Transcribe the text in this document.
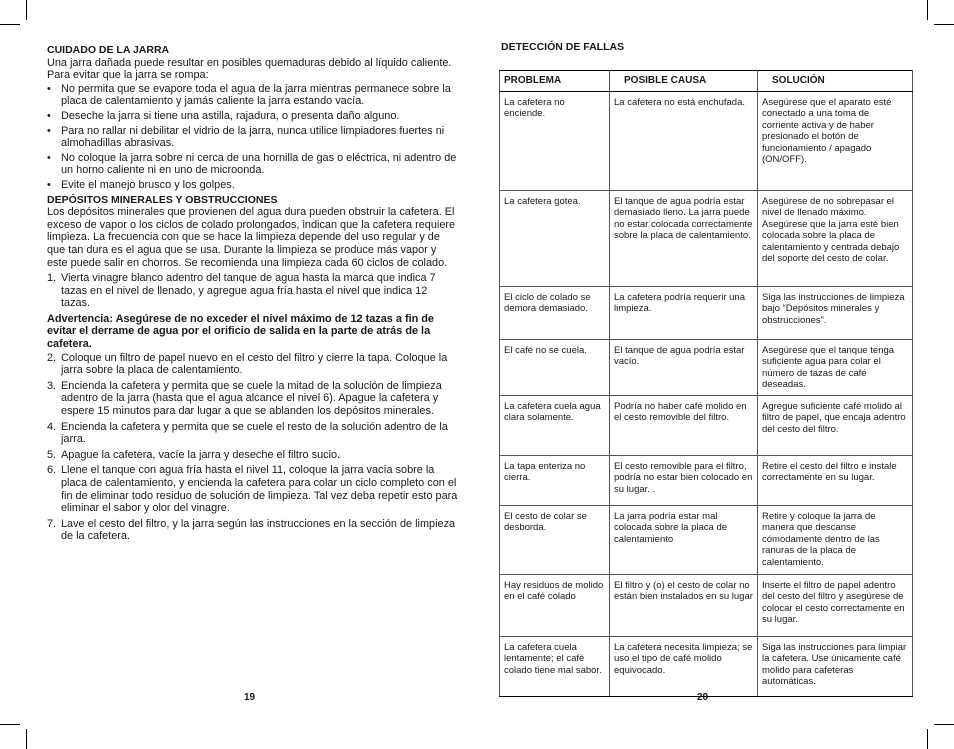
CUIDADO DE LA JARRA

Una jarra dañada puede resultar en posibles quemaduras debido al líquido caliente. Para evitar que la jarra se rompa:

• No permita que se evapore toda el agua de la jarra mientras permanece sobre la placa de calentamiento y jamás caliente la jarra estando vacía.
• Deseche la jarra si tiene una astilla, rajadura, o presenta daño alguno.
• Para no rallar ni debilitar el vidrio de la jarra, nunca utilice limpiadores fuertes ni almohadillas abrasivas.
• No coloque la jarra sobre ni cerca de una hornilla de gas o eléctrica, ni adentro de un horno caliente ni en uno de microonda.
• Evite el manejo brusco y los golpes.

DEPÓSITOS MINERALES Y OBSTRUCCIONES

Los depósitos minerales que provienen del agua dura pueden obstruir la cafetera. El exceso de vapor o los ciclos de colado prolongados, indican que la cafetera requiere limpieza. La frecuencia con que se hace la limpieza depende del uso regular y de que tan dura es el agua que se usa. Durante la limpieza se produce más vapor y este puede salir en chorros. Se recomienda una limpieza cada 60 ciclos de colado.

1. Vierta vinagre blanco adentro del tanque de agua hasta la marca que indica 7 tazas en el nivel de llenado, y agregue agua fría hasta el nivel que indica 12 tazas.

Advertencia: Asegúrese de no exceder el nivel máximo de 12 tazas a fin de evitar el derrame de agua por el orificio de salida en la parte de atrás de la cafetera.

2. Coloque un filtro de papel nuevo en el cesto del filtro y cierre la tapa. Coloque la jarra sobre la placa de calentamiento.
3. Encienda la cafetera y permita que se cuele la mitad de la solución de limpieza adentro de la jarra (hasta que el agua alcance el nivel 6). Apague la cafetera y espere 15 minutos para dar lugar a que se ablanden los depósitos minerales.
4. Encienda la cafetera y permita que se cuele el resto de la solución adentro de la jarra.
5. Apague la cafetera, vacíe la jarra y deseche el filtro sucio.
6. Llene el tanque con agua fría hasta el nivel 11, coloque la jarra vacía sobre la placa de calentamiento, y encienda la cafetera para colar un ciclo completo con el fin de eliminar todo residuo de solución de limpieza. Tal vez deba repetir esto para eliminar el sabor y olor del vinagre.
7. Lave el cesto del filtro, y la jarra según las instrucciones en la sección de limpieza de la cafetera.
19
DETECCIÓN DE FALLAS
PROBLEMA	POSIBLE CAUSA	SOLUCIÓN
La cafetera no enciende.	La cafetera no está enchufada.	Asegúrese que el aparato esté conectado a una toma de corriente activa y de haber presionado el botón de funcionamiento / apagado (ON/OFF).
La cafetera gotea.	El tanque de agua podría estar demasiado lleno. La jarra puede no estar colocada correctamente sobre la placa de calentamiento.	Asegúrese de no sobrepasar el nivel de llenado máximo. Asegúrese que la jarra esté bien colocada sobre la placa de calentamiento y centrada debajo del soporte del cesto de colar.
El ciclo de colado se demora demasiado.	La cafetera podría requerir una limpieza.	Siga las instrucciones de limpieza bajo “Depósitos minerales y obstrucciones”.
El café no se cuela.	El tanque de agua podría estar vacío.	Asegúrese que el tanque tenga suficiente agua para colar el número de tazas de café deseadas.
La cafetera cuela agua clara solamente.	Podría no haber café molido en el cesto removible del filtro.	Agregue suficiente café molido al filtro de papel, que encaja adentro del cesto del filtro.
La tapa enteriza no cierra.	El cesto removible para el filtro, podría no estar bien colocado en su lugar. .	Retire el cesto del filtro e instale correctamente en su lugar.
El cesto de colar se desborda.	La jarra podría estar mal colocada sobre la placa de calentamiento	Retire y coloque la jarra de manera que descanse cómodamente dentro de las ranuras de la placa de calentamiento.
Hay residuos de molido en el café colado	El filtro y (o) el cesto de colar no están bien instalados en su lugar	Inserte el filtro de papel adentro del cesto del filtro y asegúrese de colocar el cesto correctamente en su lugar.
La cafetera cuela lentamente; el café colado tiene mal sabor.	La cafetera necesita limpieza; se uso el tipo de café molido equivocado.	Siga las instrucciones para limpiar la cafetera. Use únicamente café molido para cafeteras automáticas.
20
